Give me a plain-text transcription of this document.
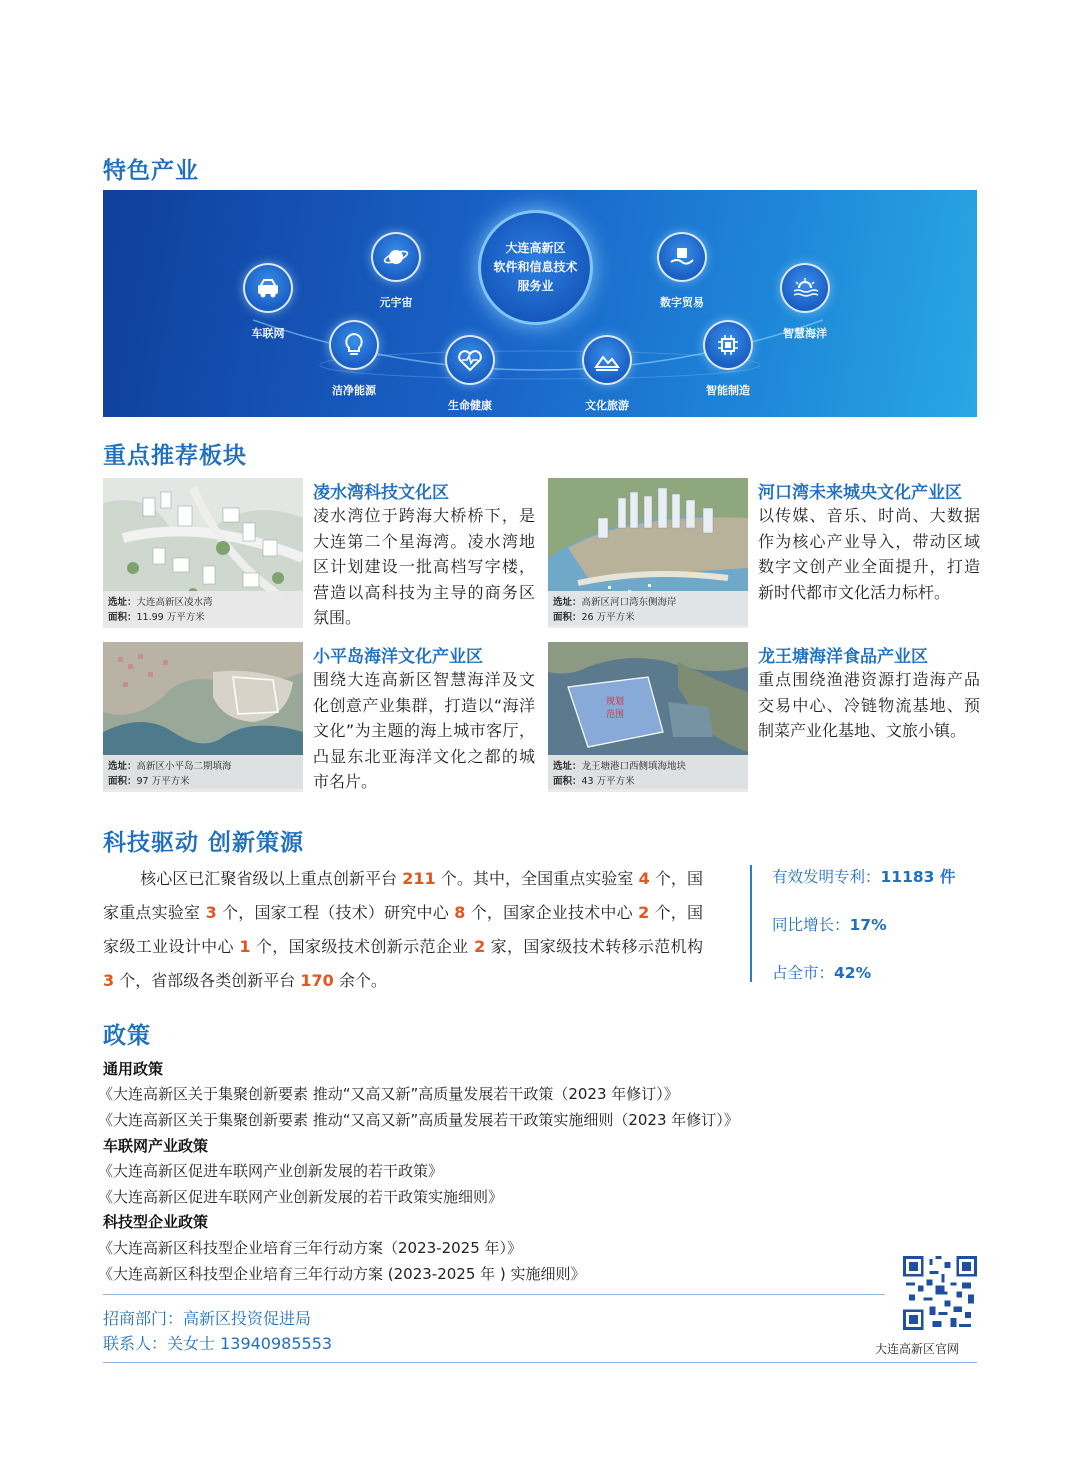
特色产业
大连高新区
软件和信息技术
服务业
车联网
元宇宙
洁净能源
生命健康	文化旅游
数字贸易
智能制造
智慧海洋
重点推荐板块
选址：大连高新区凌水湾
面积：11.99 万平方米
凌水湾科技文化区
凌水湾位于跨海大桥桥下，是大连第二个星海湾。凌水湾地区计划建设一批高档写字楼，营造以高科技为主导的商务区氛围。
选址：高新区河口湾东侧海岸
面积：26 万平方米
河口湾未来城央文化产业区
以传媒、音乐、时尚、大数据作为核心产业导入，带动区域数字文创产业全面提升，打造新时代都市文化活力标杆。
选址：高新区小平岛二期填海
面积：97 万平方米
小平岛海洋文化产业区
围绕大连高新区智慧海洋及文化创意产业集群，打造以“海洋文化”为主题的海上城市客厅，凸显东北亚海洋文化之都的城市名片。
规划
范围
选址：龙王塘港口西侧填海地块
面积：43 万平方米
龙王塘海洋食品产业区
重点围绕渔港资源打造海产品交易中心、冷链物流基地、预制菜产业化基地、文旅小镇。
科技驱动 创新策源
核心区已汇聚省级以上重点创新平台 211 个。其中，全国重点实验室 4 个，国家重点实验室 3 个，国家工程（技术）研究中心 8 个，国家企业技术中心 2 个，国家级工业设计中心 1 个，国家级技术创新示范企业 2 家，国家级技术转移示范机构 3 个，省部级各类创新平台 170 余个。
有效发明专利：11183 件
同比增长：17%
占全市：42%
政策
通用政策
《大连高新区关于集聚创新要素 推动“又高又新”高质量发展若干政策（2023 年修订）》
《大连高新区关于集聚创新要素 推动“又高又新”高质量发展若干政策实施细则（2023 年修订）》
车联网产业政策
《大连高新区促进车联网产业创新发展的若干政策》
《大连高新区促进车联网产业创新发展的若干政策实施细则》
科技型企业政策
《大连高新区科技型企业培育三年行动方案（2023-2025 年）》
《大连高新区科技型企业培育三年行动方案 (2023-2025 年 ) 实施细则》
招商部门：高新区投资促进局
联系人：关女士 13940985553	大连高新区官网
